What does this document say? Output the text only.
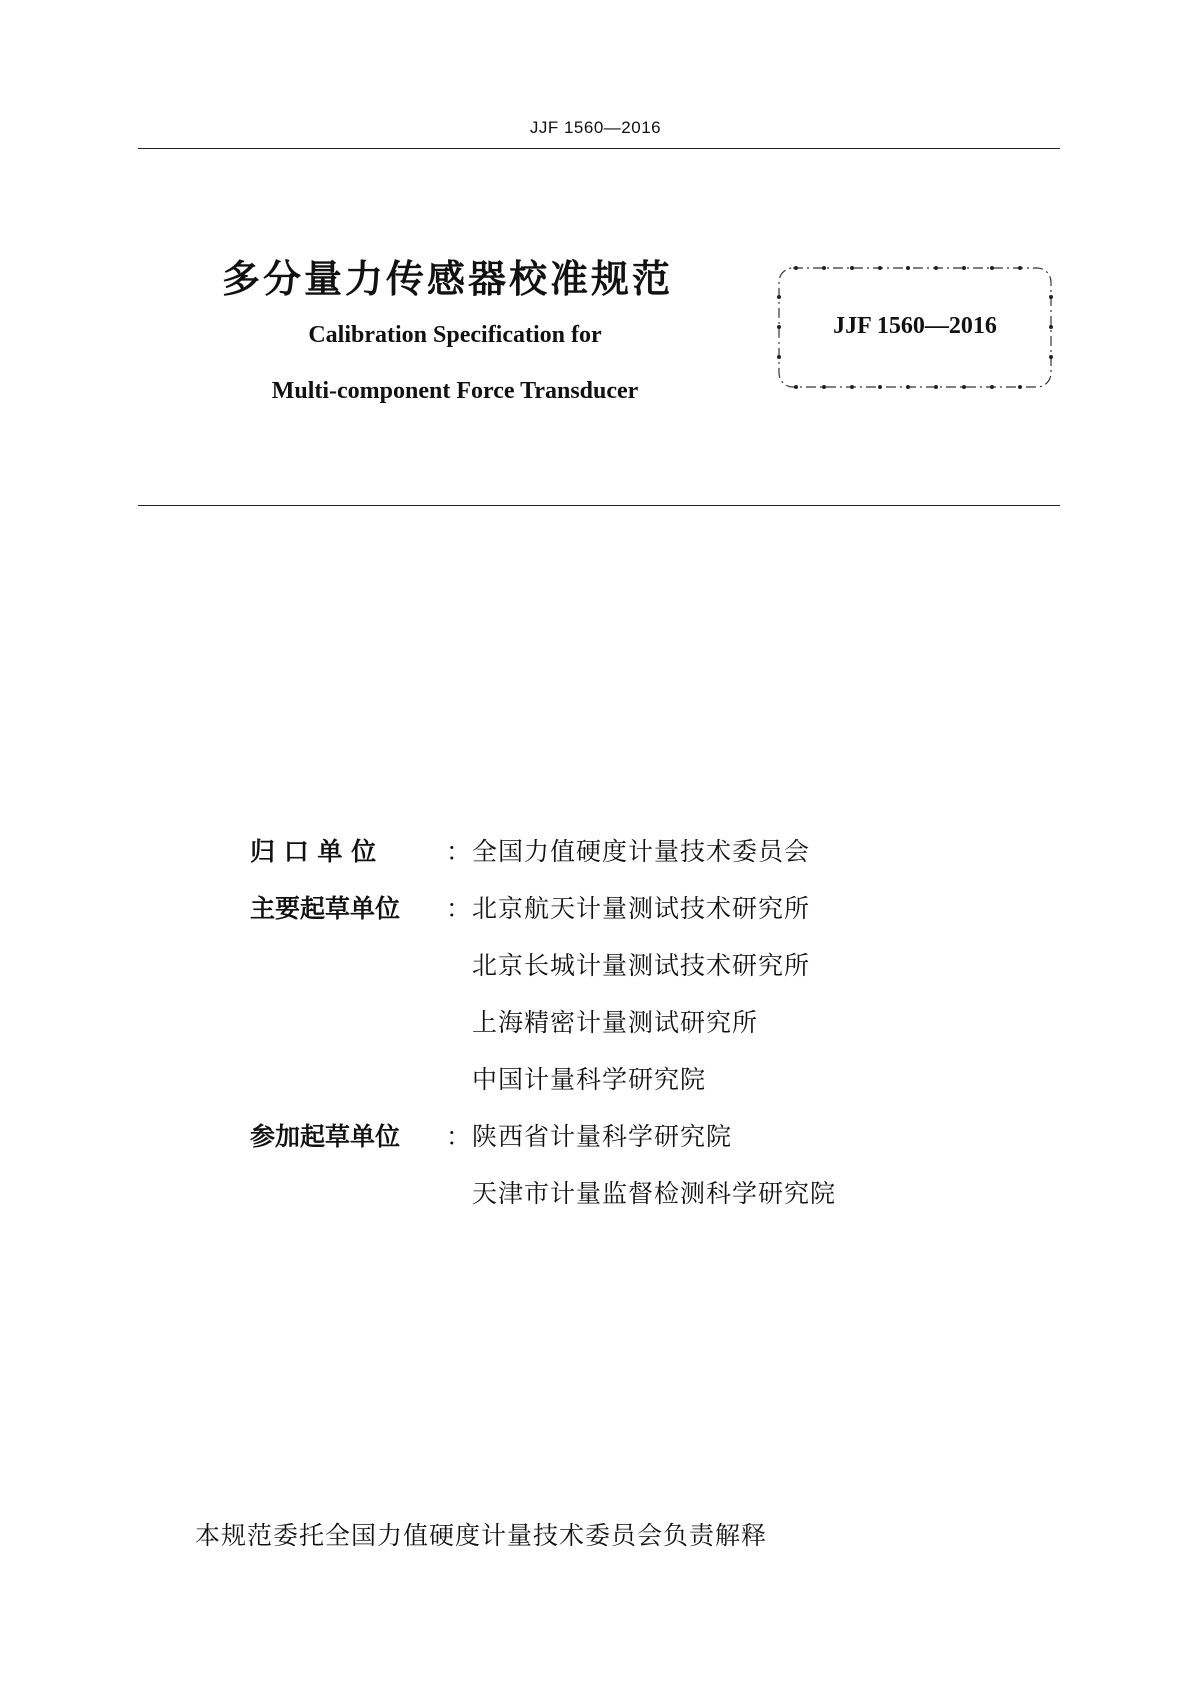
JJF 1560—2016
多分量力传感器校准规范
Calibration Specification for
Multi-component Force Transducer
JJF 1560—2016
归 口 单 位	： 全国力值硬度计量技术委员会
主要起草单位	： 北京航天计量测试技术研究所
北京长城计量测试技术研究所
上海精密计量测试研究所
中国计量科学研究院
参加起草单位	： 陕西省计量科学研究院
天津市计量监督检测科学研究院
本规范委托全国力值硬度计量技术委员会负责解释
